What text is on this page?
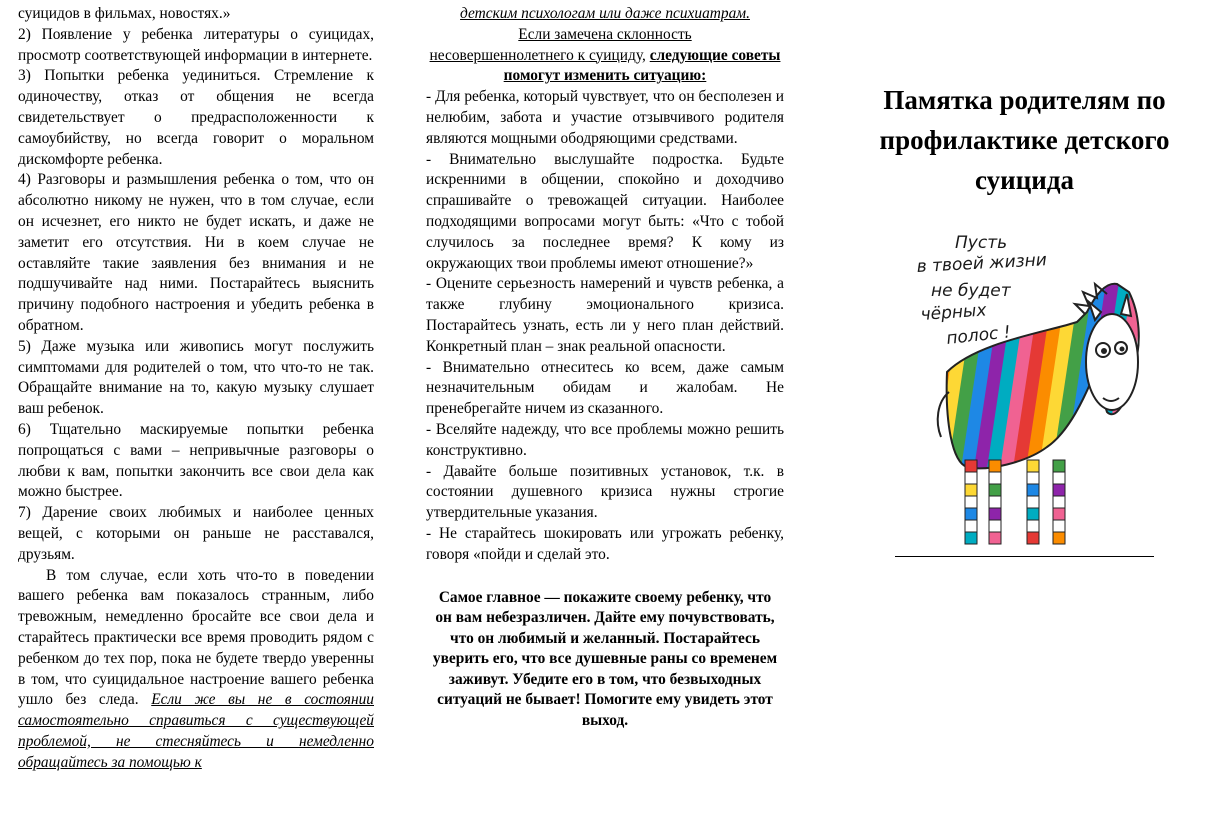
суицидов в фильмах, новостях.»

2) Появление у ребенка литературы о суицидах, просмотр соответствующей информации в интернете.

3) Попытки ребенка уединиться. Стремление к одиночеству, отказ от общения не всегда свидетельствует о предрасположенности к самоубийству, но всегда говорит о моральном дискомфорте ребенка.

4) Разговоры и размышления ребенка о том, что он абсолютно никому не нужен, что в том случае, если он исчезнет, его никто не будет искать, и даже не заметит его отсутствия. Ни в коем случае не оставляйте такие заявления без внимания и не подшучивайте над ними. Постарайтесь выяснить причину подобного настроения и убедить ребенка в обратном.

5) Даже музыка или живопись могут послужить симптомами для родителей о том, что что-то не так. Обращайте внимание на то, какую музыку слушает ваш ребенок.

6) Тщательно маскируемые попытки ребенка попрощаться с вами – непривычные разговоры о любви к вам, попытки закончить все свои дела как можно быстрее.

7) Дарение своих любимых и наиболее ценных вещей, с которыми он раньше не расставался, друзьям.

В том случае, если хоть что-то в поведении вашего ребенка вам показалось странным, либо тревожным, немедленно бросайте все свои дела и старайтесь практически все время проводить рядом с ребенком до тех пор, пока не будете твердо уверенны в том, что суицидальное настроение вашего ребенка ушло без следа. Если же вы не в состоянии самостоятельно справиться с существующей проблемой, не стесняйтесь и немедленно обращайтесь за помощью к

детским психологам или даже психиатрам.

Если замечена склонность

несовершеннолетнего к суициду, следующие советы помогут изменить ситуацию:

- Для ребенка, который чувствует, что он бесполезен и нелюбим, забота и участие отзывчивого родителя являются мощными ободряющими средствами.

- Внимательно выслушайте подростка. Будьте искренними в общении, спокойно и доходчиво спрашивайте о тревожащей ситуации. Наиболее подходящими вопросами могут быть: «Что с тобой случилось за последнее время? К кому из окружающих твои проблемы имеют отношение?»

- Оцените серьезность намерений и чувств ребенка, а также глубину эмоционального кризиса. Постарайтесь узнать, есть ли у него план действий. Конкретный план – знак реальной опасности.

- Внимательно отнеситесь ко всем, даже самым незначительным обидам и жалобам. Не пренебрегайте ничем из сказанного.

- Вселяйте надежду, что все проблемы можно решить конструктивно.

- Давайте больше позитивных установок, т.к. в состоянии душевного кризиса нужны строгие утвердительные указания.

- Не старайтесь шокировать или угрожать ребенку, говоря «пойди и сделай это.

Самое главное — покажите своему ребенку, что он вам небезразличен. Дайте ему почувствовать, что он любимый и желанный. Постарайтесь уверить его, что все душевные раны со временем заживут. Убедите его в том, что безвыходных ситуаций не бывает! Помогите ему увидеть этот выход.

Памятка родителям по профилактике детского суицида
Пусть
в твоей жизни
не будет
чёрных
полос !
